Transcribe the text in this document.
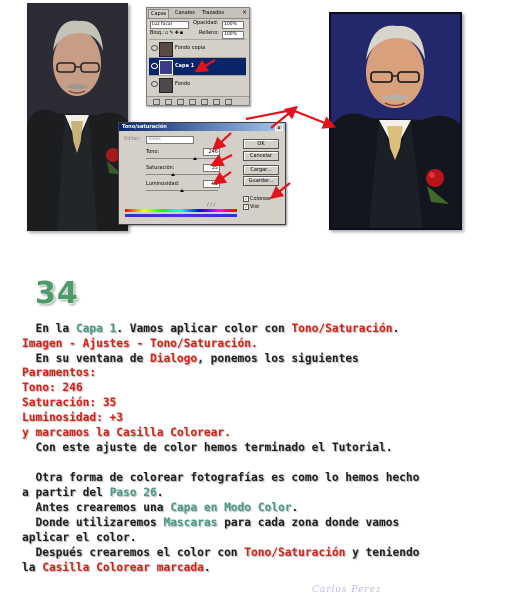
Capas	Canales	Trazados	×
Luz focal	Opacidad:	100%
Bloq.: ▫✎✚▪	Relleno:	100%
Fondo copia
Capa 1
Fondo
Tono/saturación	x
Editar:	Todos
Tono:	246
Saturación:	35
Luminosidad:	+3
OK
Cancelar
Cargar...
Guardar...
✓ Colorear
✓ Vist
∕ ∕ ∕
34
En la Capa 1. Vamos aplicar color con Tono/Saturación.
Imagen - Ajustes - Tono/Saturación.
En su ventana de Dialogo, ponemos los siguientes
Paramentos:
Tono: 246
Saturación: 35
Luminosidad: +3
y marcamos la Casilla Colorear.
Con este ajuste de color hemos terminado el Tutorial.
Otra forma de colorear fotografías es como lo hemos hecho
a partir del Paso 26.
Antes crearemos una Capa en Modo Color.
Donde utilizaremos Mascaras para cada zona donde vamos
aplicar el color.
Después crearemos el color con Tono/Saturación y teniendo
la Casilla Colorear marcada.
Carlos Perez
